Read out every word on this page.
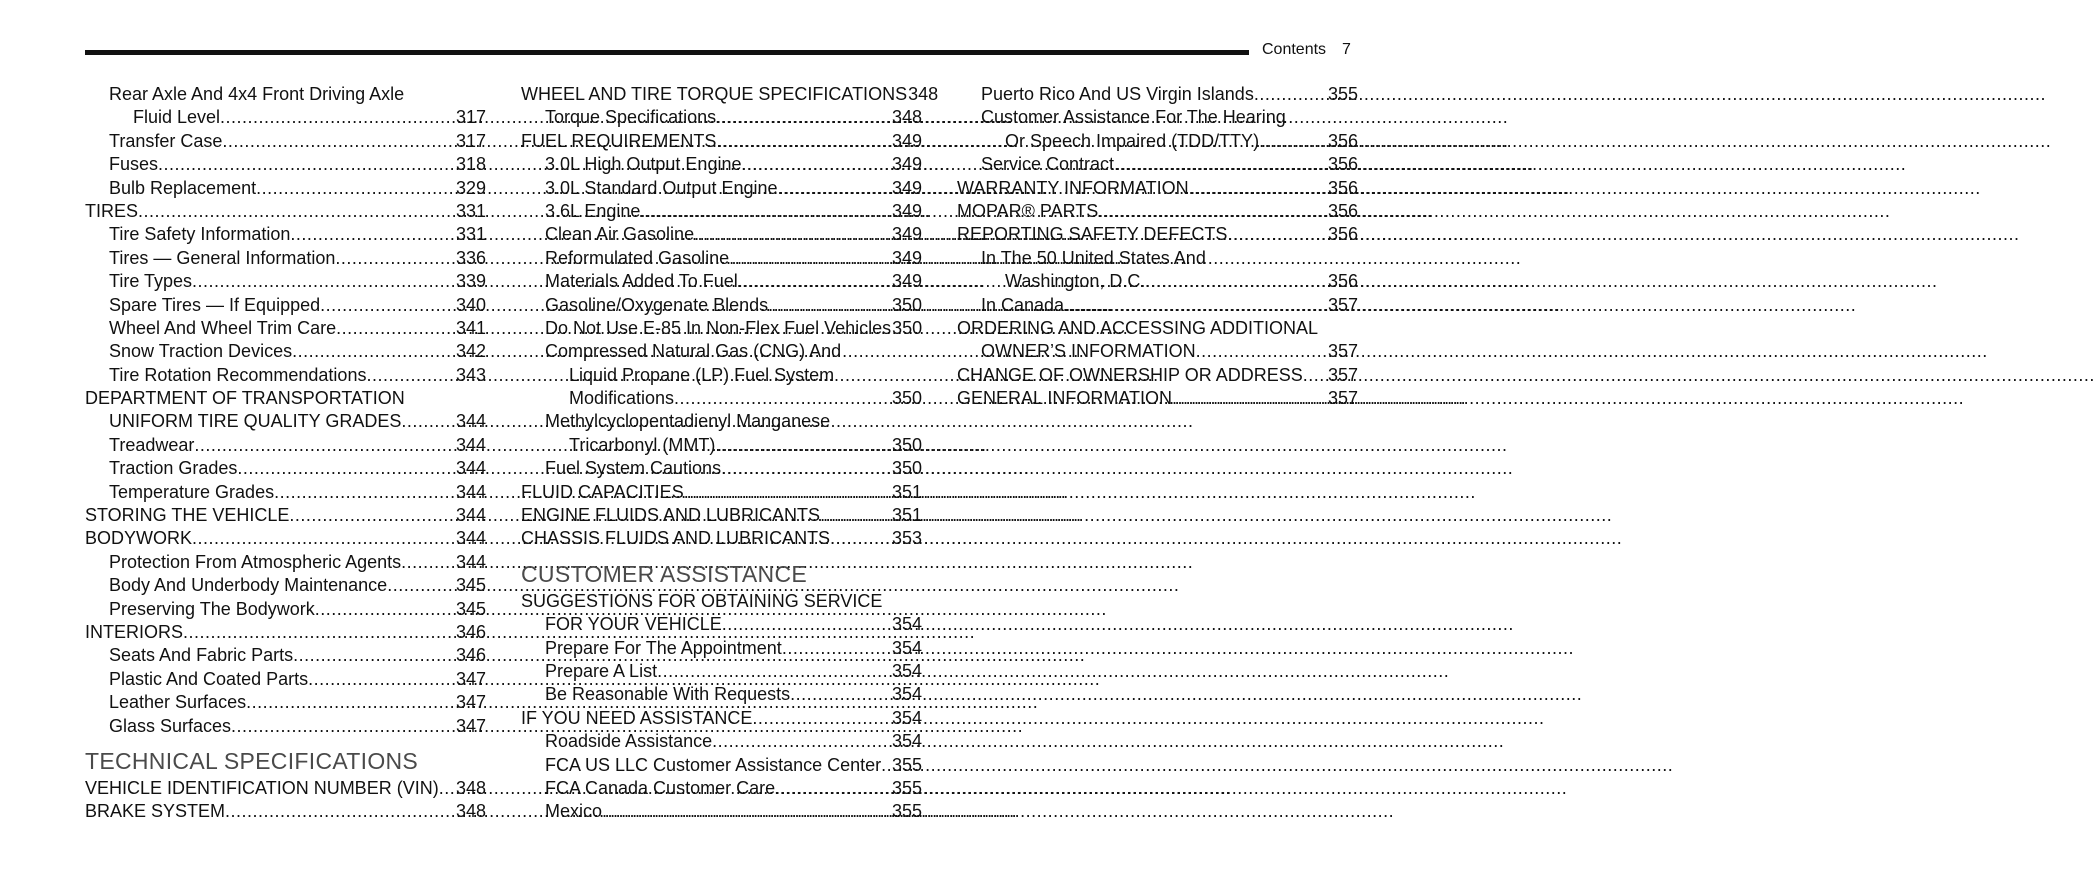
Contents 7
Rear Axle And 4x4 Front Driving Axle
Fluid Level .....	317
Transfer Case .....	317
Fuses .....	318
Bulb Replacement .....	329
TIRES .....	331
Tire Safety Information .....	331
Tires — General Information .....	336
Tire Types .....	339
Spare Tires — If Equipped .....	340
Wheel And Wheel Trim Care .....	341
Snow Traction Devices .....	342
Tire Rotation Recommendations .....	343
DEPARTMENT OF TRANSPORTATION
UNIFORM TIRE QUALITY GRADES .....	344
Treadwear .....	344
Traction Grades .....	344
Temperature Grades .....	344
STORING THE VEHICLE .....	344
BODYWORK .....	344
Protection From Atmospheric Agents .....	344
Body And Underbody Maintenance .....	345
Preserving The Bodywork .....	345
INTERIORS .....	346
Seats And Fabric Parts .....	346
Plastic And Coated Parts .....	347
Leather Surfaces .....	347
Glass Surfaces .....	347
TECHNICAL SPECIFICATIONS
VEHICLE IDENTIFICATION NUMBER (VIN) ..... 348
BRAKE SYSTEM .....	348
WHEEL AND TIRE TORQUE SPECIFICATIONS 348
Torque Specifications .....	348
FUEL REQUIREMENTS .....	349
3.0L High Output Engine .....	349
3.0L Standard Output Engine .....	349
3.6L Engine .....	349
Clean Air Gasoline .....	349
Reformulated Gasoline .....	349
Materials Added To Fuel .....	349
Gasoline/Oxygenate Blends .....	350
Do Not Use E-85 In Non-Flex Fuel Vehicles 350
Compressed Natural Gas (CNG) And
Liquid Propane (LP) Fuel System
Modifications .....	350
Methylcyclopentadienyl Manganese
Tricarbonyl (MMT) .....	350
Fuel System Cautions .....	350
FLUID CAPACITIES .....	351
ENGINE FLUIDS AND LUBRICANTS .....	351
CHASSIS FLUIDS AND LUBRICANTS .....	353
CUSTOMER ASSISTANCE
SUGGESTIONS FOR OBTAINING SERVICE
FOR YOUR VEHICLE .....	354
Prepare For The Appointment .....	354
Prepare A List .....	354
Be Reasonable With Requests .....	354
IF YOU NEED ASSISTANCE .....	354
Roadside Assistance .....	354
FCA US LLC Customer Assistance Center ..... 355
FCA Canada Customer Care .....	355
Mexico .....	355
Puerto Rico And US Virgin Islands .....	355
Customer Assistance For The Hearing
Or Speech Impaired (TDD/TTY) .....	356
Service Contract .....	356
WARRANTY INFORMATION .....	356
MOPAR® PARTS .....	356
REPORTING SAFETY DEFECTS .....	356
In The 50 United States And
Washington, D.C. .....	356
In Canada .....	357
ORDERING AND ACCESSING ADDITIONAL
OWNER’S INFORMATION .....	357
CHANGE OF OWNERSHIP OR ADDRESS ..... 357
GENERAL INFORMATION .....	357
